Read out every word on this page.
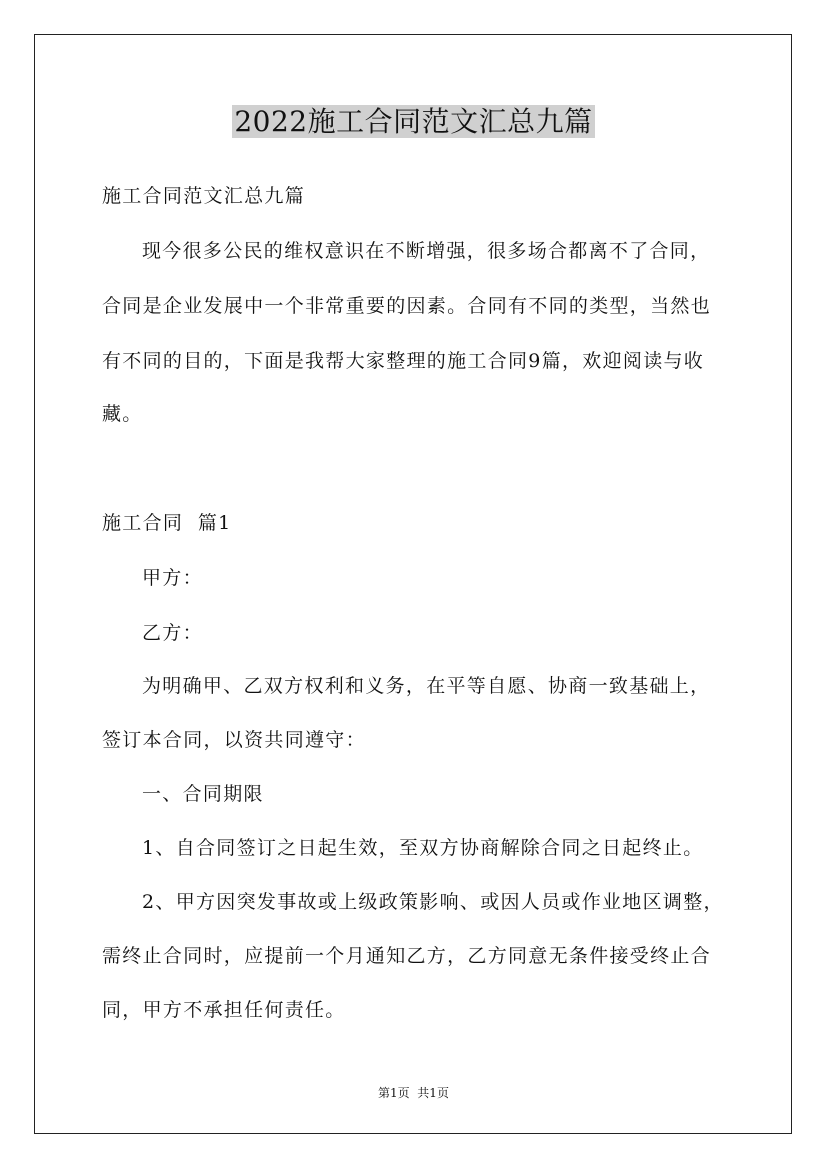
2022施工合同范文汇总九篇

施工合同范文汇总九篇

现今很多公民的维权意识在不断增强，很多场合都离不了合同，

合同是企业发展中一个非常重要的因素。合同有不同的类型，当然也

有不同的目的，下面是我帮大家整理的施工合同9篇，欢迎阅读与收

藏。

施工合同  篇1

甲方：

乙方：

为明确甲、乙双方权利和义务，在平等自愿、协商一致基础上，

签订本合同，以资共同遵守：

一、合同期限

1、自合同签订之日起生效，至双方协商解除合同之日起终止。

2、甲方因突发事故或上级政策影响、或因人员或作业地区调整，

需终止合同时，应提前一个月通知乙方，乙方同意无条件接受终止合

同，甲方不承担任何责任。

第1页  共1页
